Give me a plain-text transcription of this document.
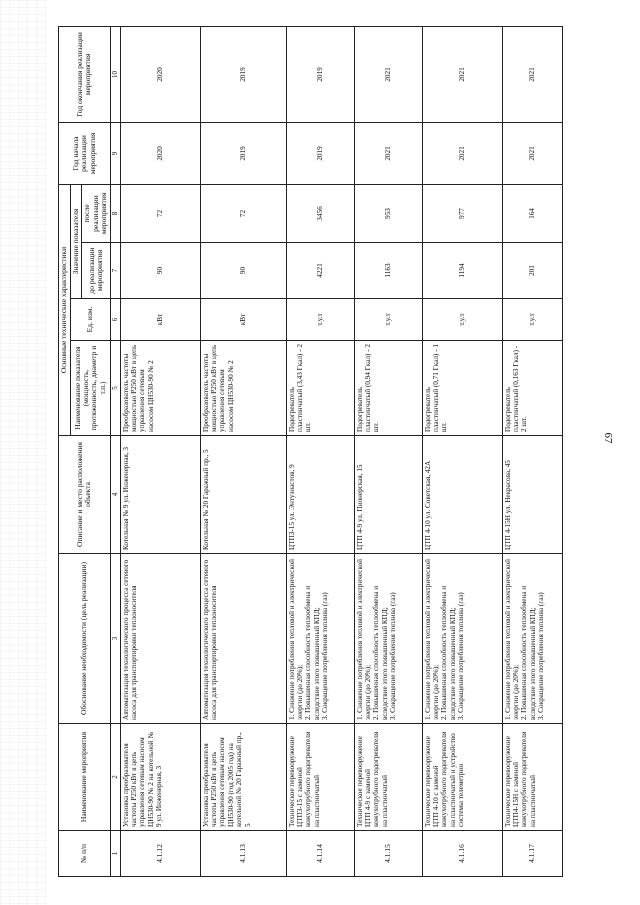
67
№ п/п	Наименование мероприятия	Обоснование необходимости (цель реализации)	Описание и место расположения объекта	Основные технические характеристики				Год начала реализации мероприятия	Год окончания реализации мероприятия
				Наименование показателя (мощность, протяженность, диаметр и т.п.)	Ед. изм.	Значение показателя			
						до реализации мероприятия	после реализации мероприятия		
1	2	3	4	5	6	7	8	9	10
4.1.12	Установка преобразователя частоты P250 кВт в цепь управления сетевым насосом ЦН530-90 № 2 на котельной № 9 ул. Инженерная, 3	Автоматизация технологического процесса сетевого насоса для транспортировки теплоносителя	Котельная № 9 ул. Инженерная, 3	Преобразователь частоты мощностью P250 кВт в цепь управления сетевым насосом ЦН530-90 № 2	кВт	90	72	2020	2020
4.1.13	Установка преобразователя частоты P250 кВт в цепь управления сетевым насосом ЦН530-90 (год 2005 год) на котельной № 20 Гаражный пр., 5	Автоматизация технологического процесса сетевого насоса для транспортировки теплоносителя	Котельная № 20 Гаражный пр., 5	Преобразователь частоты мощностью P250 кВт в цепь управления сетевым насосом ЦН530-90 № 2	кВт	90	72	2019	2019
4.1.14	Техническое перевооружение ЦТП3-15 с заменой кожухотрубного подогревателя на пластинчатый	1. Снижение потребления тепловой и электрической энергии (до 20%); 2. Повышенная способность теплообмена и вследствие этого повышенный КПД; 3. Сокращение потребления топлива (газ)	ЦТП3-15 ул. Энтузиастов, 9	Подогреватель пластинчатый (3,43 Гкал) - 2 шт.	т.у.т	4221	3456	2019	2019
4.1.15	Техническое перевооружение ЦТП 4-9 с заменой кожухотрубного подогревателя на пластинчатый	1. Снижение потребления тепловой и электрической энергии (до 20%); 2. Повышенная способность теплообмена и вследствие этого повышенный КПД; 3. Сокращение потребления топлива (газ)	ЦТП 4-9 ул. Пионерская, 15	Подогреватель пластинчатый (0,94 Гкал) - 2 шт.	т.у.т	1163	953	2021	2021
4.1.16	Техническое перевооружение ЦТП 4-10 с заменой кожухотрубного подогревателя на пластинчатый и устройство системы телеметрии	1. Снижение потребления тепловой и электрической энергии (до 20%); 2. Повышенная способность теплообмена и вследствие этого повышенный КПД; 3. Сокращение потребления топлива (газ)	ЦТП 4-10 ул. Советская, 42А	Подогреватель пластинчатый (0,71 Гкал) - 1 шт.	т.у.т	1194	977	2021	2021
4.1.17	Техническое перевооружение ЦТП4-15Н с заменой кожухотрубного подогревателя на пластинчатый	1. Снижение потребления тепловой и электрической энергии (до 20%); 2. Повышенная способность теплообмена и вследствие этого повышенный КПД; 3. Сокращение потребления топлива (газ)	ЦТП 4-15Н ул. Некрасова, 45	Подогреватель пластинчатый (0,163 Гкал) - 2 шт.	т.у.т	201	164	2021	2021
